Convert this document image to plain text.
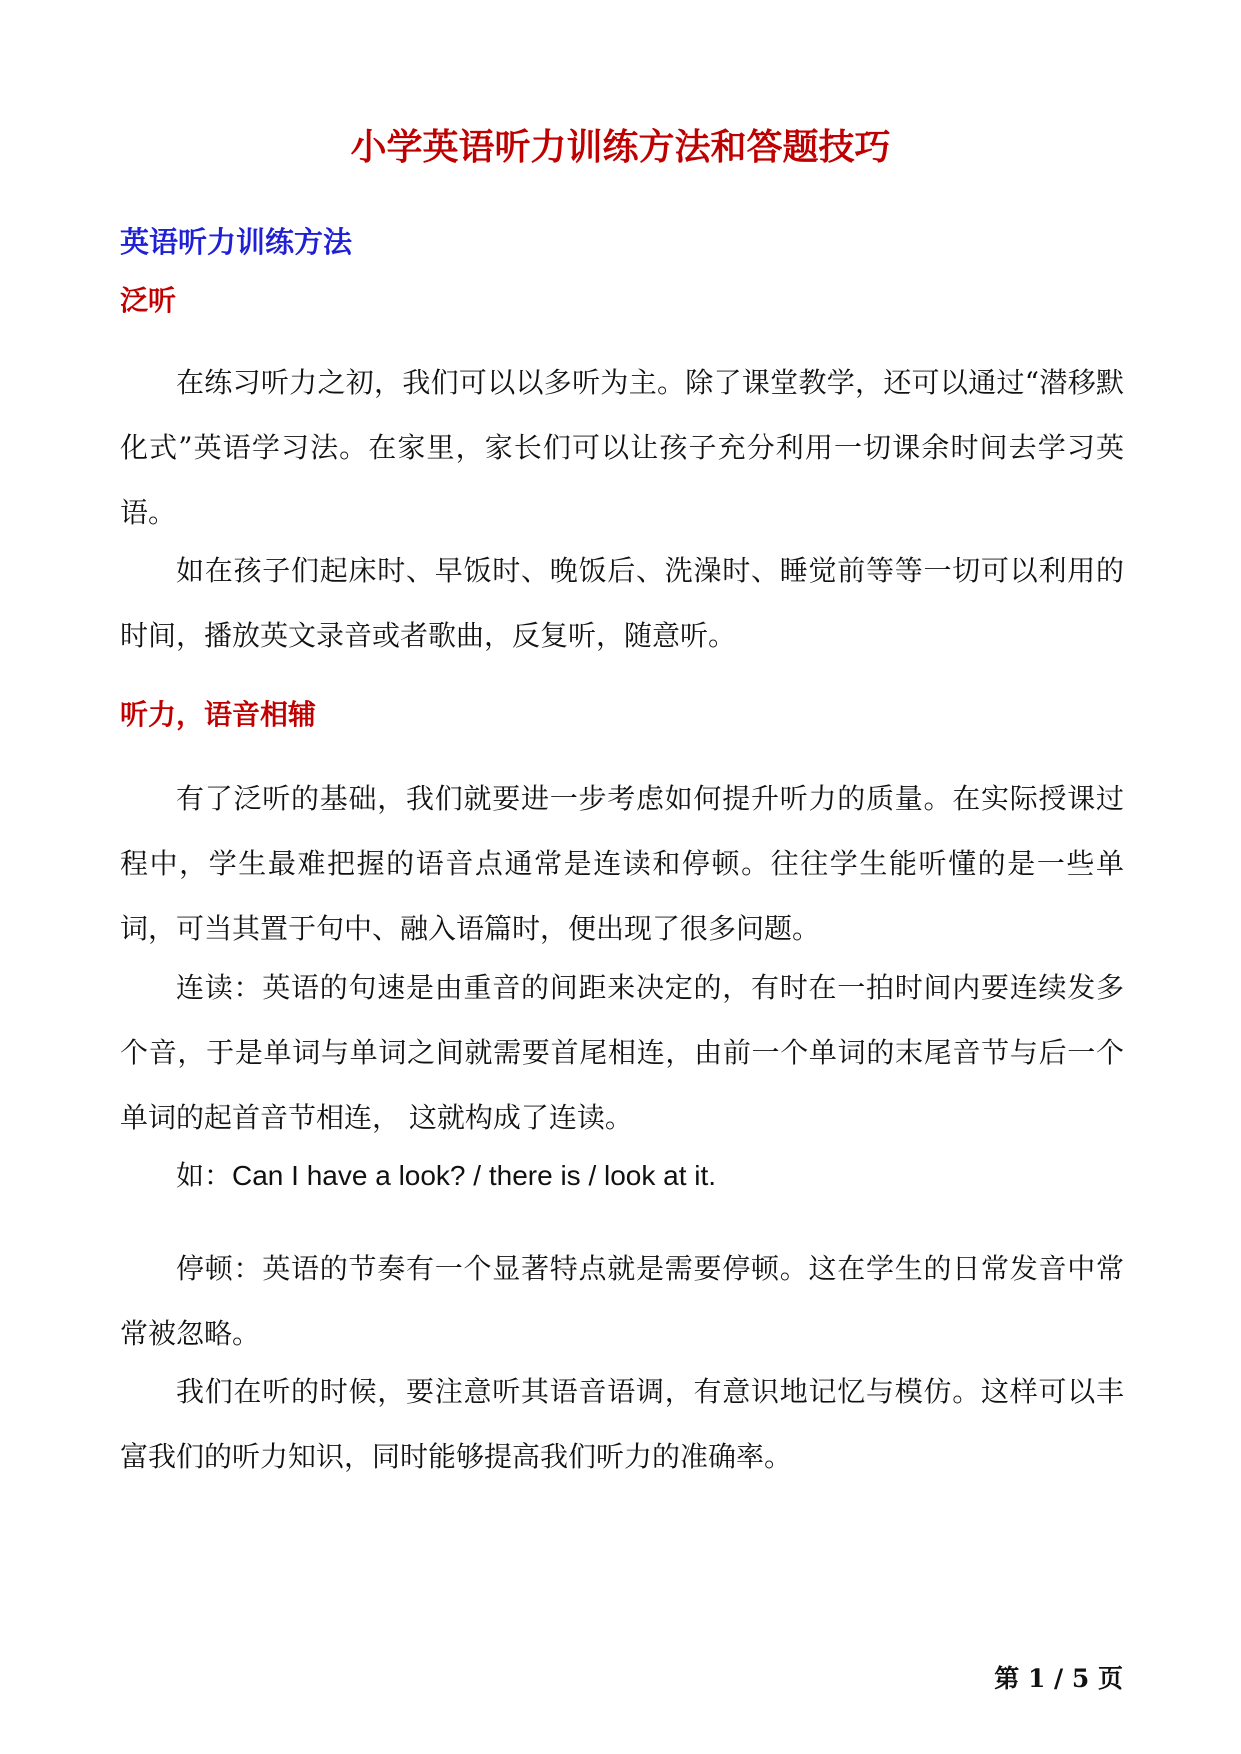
小学英语听力训练方法和答题技巧
英语听力训练方法
泛听

在练习听力之初，我们可以以多听为主。除了课堂教学，还可以通过“潜移默化式”英语学习法。在家里，家长们可以让孩子充分利用一切课余时间去学习英语。

如在孩子们起床时、早饭时、晚饭后、洗澡时、睡觉前等等一切可以利用的时间，播放英文录音或者歌曲，反复听，随意听。

听力，语音相辅

有了泛听的基础，我们就要进一步考虑如何提升听力的质量。在实际授课过程中，学生最难把握的语音点通常是连读和停顿。往往学生能听懂的是一些单词，可当其置于句中、融入语篇时，便出现了很多问题。

连读：英语的句速是由重音的间距来决定的，有时在一拍时间内要连续发多个音，于是单词与单词之间就需要首尾相连，由前一个单词的末尾音节与后一个单词的起首音节相连， 这就构成了连读。

如：Can I have a look? / there is / look at it.

停顿：英语的节奏有一个显著特点就是需要停顿。这在学生的日常发音中常常被忽略。

我们在听的时候，要注意听其语音语调，有意识地记忆与模仿。这样可以丰富我们的听力知识，同时能够提高我们听力的准确率。

第 1 / 5 页
